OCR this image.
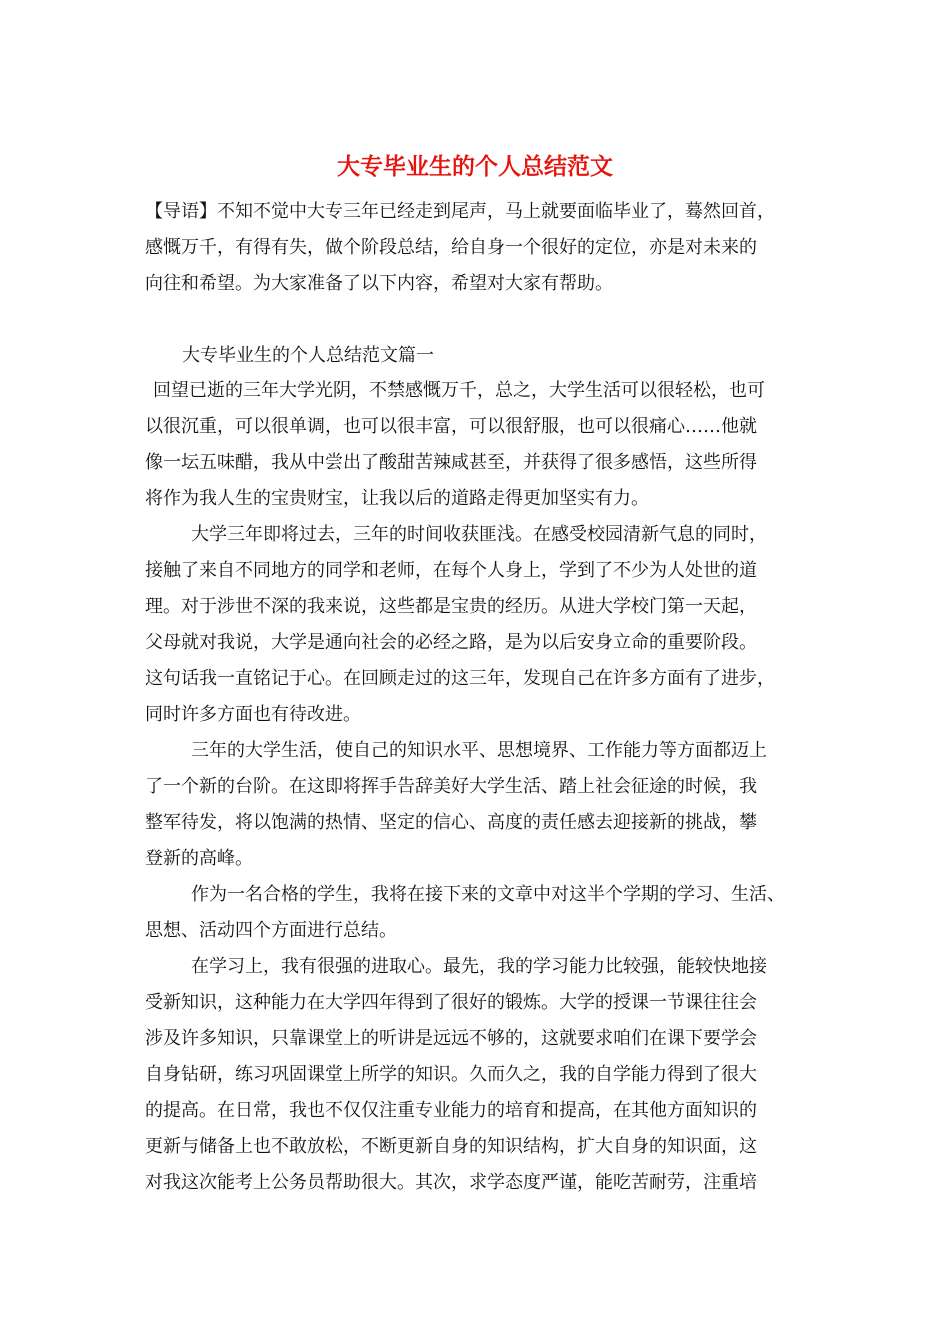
大专毕业生的个人总结范文
【导语】不知不觉中大专三年已经走到尾声，马上就要面临毕业了，蓦然回首，
感慨万千，有得有失，做个阶段总结，给自身一个很好的定位，亦是对未来的
向往和希望。为大家准备了以下内容，希望对大家有帮助。
大专毕业生的个人总结范文篇一
回望已逝的三年大学光阴，不禁感慨万千，总之，大学生活可以很轻松，也可
以很沉重，可以很单调，也可以很丰富，可以很舒服，也可以很痛心……他就
像一坛五味醋，我从中尝出了酸甜苦辣咸甚至，并获得了很多感悟，这些所得
将作为我人生的宝贵财宝，让我以后的道路走得更加坚实有力。
大学三年即将过去，三年的时间收获匪浅。在感受校园清新气息的同时，
接触了来自不同地方的同学和老师，在每个人身上，学到了不少为人处世的道
理。对于涉世不深的我来说，这些都是宝贵的经历。从进大学校门第一天起，
父母就对我说，大学是通向社会的必经之路，是为以后安身立命的重要阶段。
这句话我一直铭记于心。在回顾走过的这三年，发现自己在许多方面有了进步，
同时许多方面也有待改进。
三年的大学生活，使自己的知识水平、思想境界、工作能力等方面都迈上
了一个新的台阶。在这即将挥手告辞美好大学生活、踏上社会征途的时候，我
整军待发，将以饱满的热情、坚定的信心、高度的责任感去迎接新的挑战，攀
登新的高峰。
作为一名合格的学生，我将在接下来的文章中对这半个学期的学习、生活、
思想、活动四个方面进行总结。
在学习上，我有很强的进取心。最先，我的学习能力比较强，能较快地接
受新知识，这种能力在大学四年得到了很好的锻炼。大学的授课一节课往往会
涉及许多知识，只靠课堂上的听讲是远远不够的，这就要求咱们在课下要学会
自身钻研，练习巩固课堂上所学的知识。久而久之，我的自学能力得到了很大
的提高。在日常，我也不仅仅注重专业能力的培育和提高，在其他方面知识的
更新与储备上也不敢放松，不断更新自身的知识结构，扩大自身的知识面，这
对我这次能考上公务员帮助很大。其次，求学态度严谨，能吃苦耐劳，注重培
